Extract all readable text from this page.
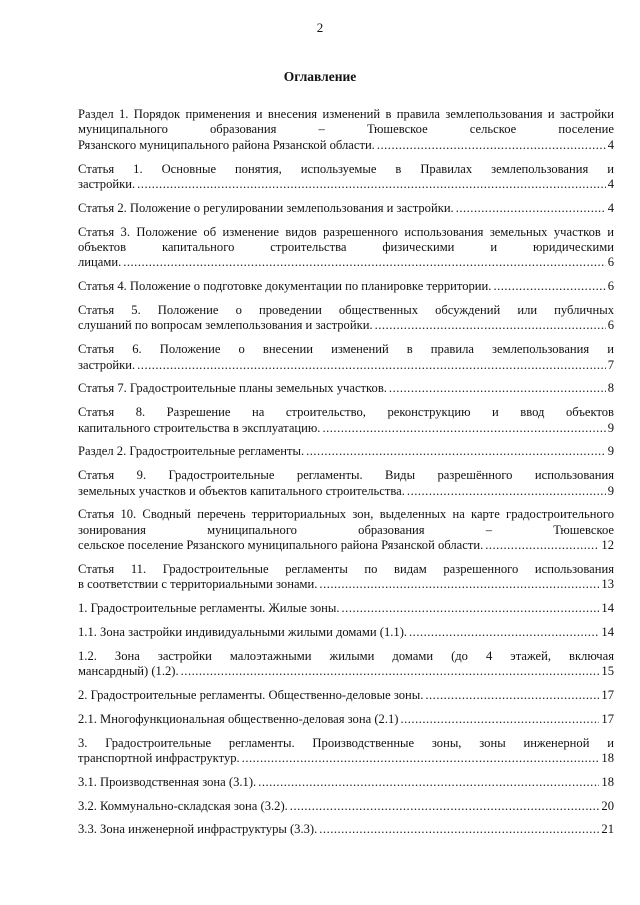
2
Оглавление
Раздел 1. Порядок применения и внесения изменений в правила землепользования и застройки муниципального образования – Тюшевское сельское поселение
Рязанского муниципального района Рязанской области. .....	4
Статья 1. Основные понятия, используемые в Правилах землепользования и
застройки. .....	4
Статья 2. Положение о регулировании землепользования и застройки. .....	4
Статья 3. Положение об изменение видов разрешенного использования земельных участков и объектов капитального строительства физическими и юридическими
лицами. .....	6
Статья 4. Положение о подготовке документации по планировке территории. .....	6
Статья 5. Положение о проведении общественных обсуждений или публичных
слушаний по вопросам землепользования и застройки. .....	6
Статья 6. Положение о внесении изменений в правила землепользования и
застройки. .....	7
Статья 7. Градостроительные планы земельных участков. .....	8
Статья 8. Разрешение на строительство, реконструкцию и ввод объектов
капитального строительства в эксплуатацию. .....	9
Раздел 2. Градостроительные регламенты. .....	9
Статья 9. Градостроительные регламенты. Виды разрешённого использования
земельных участков и объектов капитального строительства. .....	9
Статья 10. Сводный перечень территориальных зон, выделенных на карте градостроительного зонирования муниципального образования – Тюшевское
сельское поселение Рязанского муниципального района Рязанской области. .....	12
Статья 11. Градостроительные регламенты по видам разрешенного использования
в соответствии с территориальными зонами. .....	13
1. Градостроительные регламенты. Жилые зоны. .....	14
1.1. Зона застройки индивидуальными жилыми домами (1.1). .....	14
1.2. Зона застройки малоэтажными жилыми домами (до 4 этажей, включая
мансардный) (1.2). .....	15
2. Градостроительные регламенты. Общественно-деловые зоны. .....	17
2.1. Многофункциональная общественно-деловая зона (2.1) .....	17
3. Градостроительные регламенты. Производственные зоны, зоны инженерной и
транспортной инфраструктур. .....	18
3.1. Производственная зона (3.1). .....	18
3.2. Коммунально-складская зона (3.2). .....	20
3.3. Зона инженерной инфраструктуры (3.3). .....	21
